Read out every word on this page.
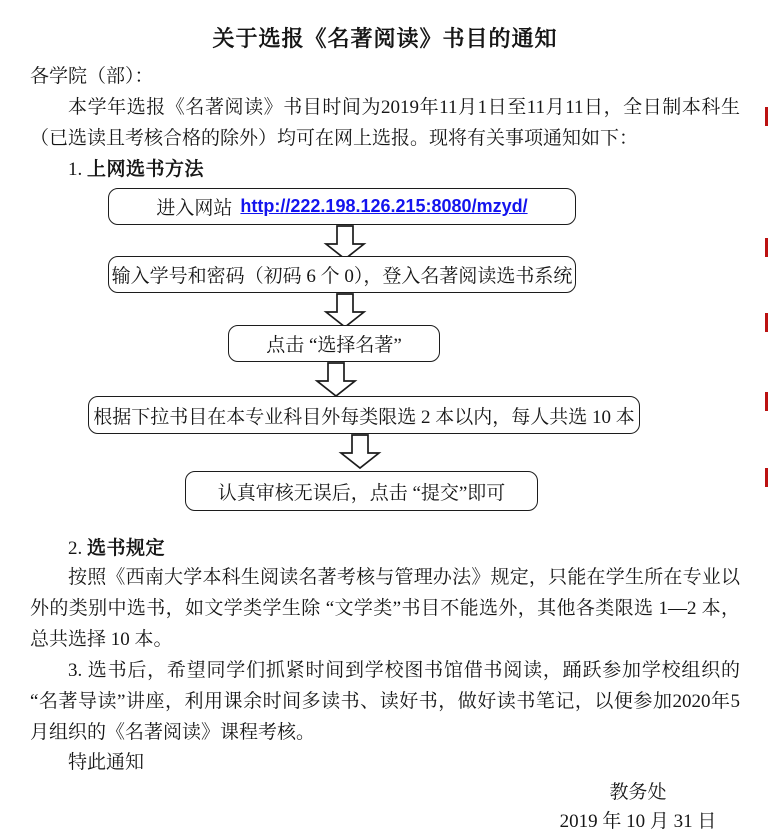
关于选报《名著阅读》书目的通知
各学院（部）：
本学年选报《名著阅读》书目时间为2019年11月1日至11月11日，全日制本科生（已选读且考核合格的除外）均可在网上选报。现将有关事项通知如下：
1. 上网选书方法
进入网站 http://222.198.126.215:8080/mzyd/
输入学号和密码（初码 6 个 0），登入名著阅读选书系统
点击 “选择名著”
根据下拉书目在本专业科目外每类限选 2 本以内，每人共选 10 本
认真审核无误后，点击 “提交”即可
2. 选书规定
按照《西南大学本科生阅读名著考核与管理办法》规定，只能在学生所在专业以外的类别中选书，如文学类学生除 “文学类”书目不能选外，其他各类限选 1—2 本，总共选择 10 本。
3. 选书后，希望同学们抓紧时间到学校图书馆借书阅读，踊跃参加学校组织的 “名著导读”讲座，利用课余时间多读书、读好书，做好读书笔记，以便参加2020年5月组织的《名著阅读》课程考核。
特此通知
教务处
2019 年 10 月 31 日
